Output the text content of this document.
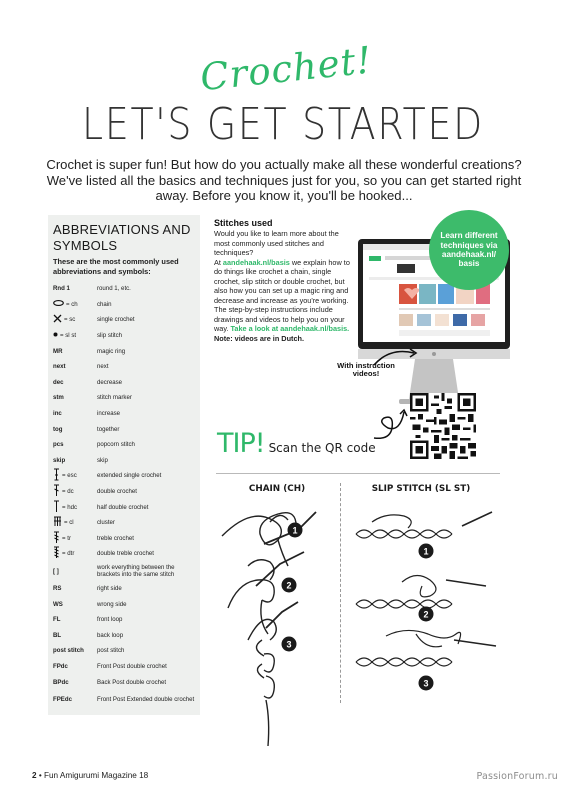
Crochet!
LET'S GET STARTED
Crochet is super fun! But how do you actually make all these wonderful creations? We've listed all the basics and techniques just for you, so you can get started right away. Before you know it, you'll be hooked...
ABBREVIATIONS AND SYMBOLS
These are the most commonly used abbreviations and symbols:
Rnd 1	round 1, etc.

= ch	chain

= sc	single crochet

= sl st	slip stitch
MR	magic ring
next	next
dec	decrease
stm	stitch marker
inc	increase
tog	together
pcs	popcorn stitch
skip	skip

= esc	extended single crochet

= dc	double crochet

= hdc	half double crochet

= cl	cluster

= tr	treble crochet

= dtr	double treble crochet
[ ]	work everything between the brackets into the same stitch
RS	right side
WS	wrong side
FL	front loop
BL	back loop
post stitch	post stitch
FPdc	Front Post double crochet
BPdc	Back Post double crochet
FPEdc	Front Post Extended double crochet
Stitches used

Would you like to learn more about the most commonly used stitches and techniques?
At aandehaak.nl/basis we explain how to do things like crochet a chain, single crochet, slip stitch or double crochet, but also how you can set up a magic ring and decrease and increase as you're working. The step-by-step instructions include drawings and videos to help you on your way. Take a look at aandehaak.nl/basis.
Note: videos are in Dutch.

Learn different techniques via aandehaak.nl/ basis
With instruction videos!
TIP! Scan the QR code
CHAIN (CH)	SLIP STITCH (SL ST)
1
2
3
1
2
3
2 • Fun Amigurumi Magazine 18	PassionForum.ru
